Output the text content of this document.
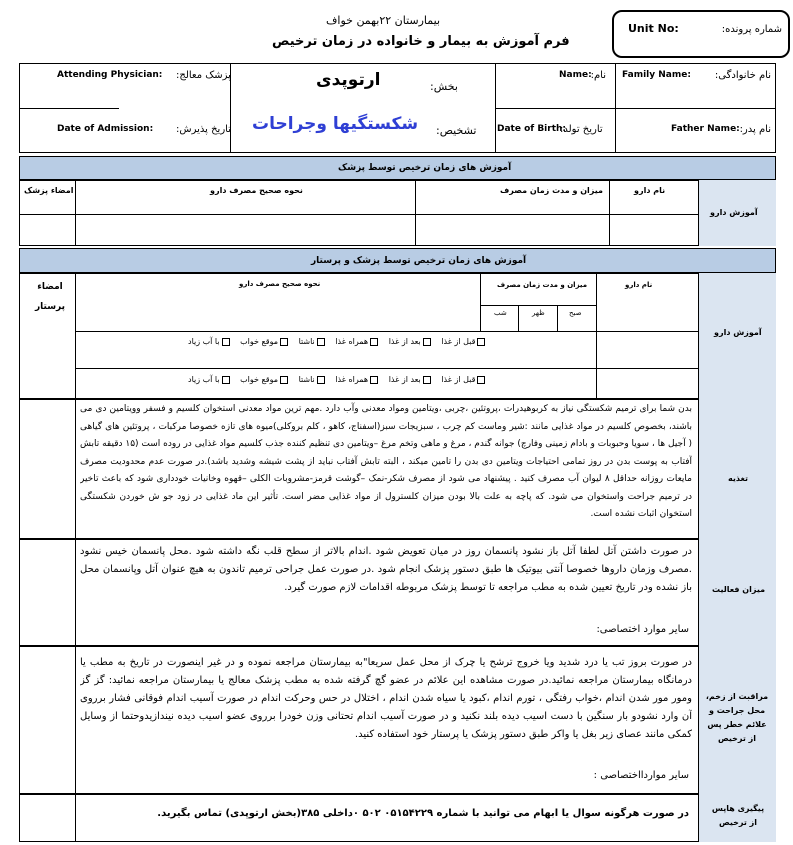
بیمارستان ۲۲بهمن خواف
فرم آموزش به بیمار و خانواده در زمان ترخیص
شماره پرونده:
Unit No:
نام خانوادگی:
Family Name:
نام:
Name:
بخش:
ارتوپدی
پزشک معالج:
Attending Physician:
نام پدر:
Father Name:
تاریخ تولد:
Date of Birth:
تشخیص:
شکستگیها وجراحات
تاریخ پذیرش:
Date of Admission:
آموزش های زمان ترخیص توسط پزشک
آموزش دارو
نام دارو
میزان و مدت زمان مصرف
نحوه صحیح مصرف دارو
امضاء پزشک
آموزش های زمان ترخیص توسط پزشک و پرستار
آموزش دارو
نام دارو
میزان و مدت زمان مصرف
نحوه صحیح مصرف دارو
امضاء پرستار
صبح
ظهر
شب
قبل از غذا بعد از غذا همراه غذا ناشتا موقع خواب با آب زیاد
قبل از غذا بعد از غذا همراه غذا ناشتا موقع خواب با آب زیاد
تغذیه
بدن شما برای ترمیم شکستگی نیاز به کربوهیدرات ،پروتئین ،چربی ،ویتامین ومواد معدنی وآب دارد .مهم ترین مواد معدنی استخوان کلسیم و فسفر وویتامین دی می باشند، بخصوص کلسیم در مواد غذایی مانند :شیر وماست کم چرب ، سبزیجات سبز(اسفناج، کاهو ، کلم بروکلی)میوه های تازه خصوصا مرکبات ، پروتئین های گیاهی ( آجیل ها ، سویا وحبوبات و بادام زمینی وفارچ) جوانه گندم ، مرغ و ماهی وتخم مرغ –ویتامین دی تنظیم کننده جذب کلسیم مواد غذایی در روده است (۱۵ دقیقه تابش آفتاب به پوست بدن در روز تمامی احتیاجات ویتامین دی بدن را تامین میکند ، البته تابش آفتاب نباید از پشت شیشه وشدید باشد).در صورت عدم محدودیت مصرف مایعات روزانه حداقل ۸ لیوان آب مصرف کنید . پیشنهاد می شود از مصرف شکر-نمک –گوشت قرمز-مشروبات الکلی –قهوه وخانیات خودداری شود که باعث تاخیر در ترمیم جراحت واستخوان می شود. که پاچه به علت بالا بودن میزان کلسترول از مواد غذایی مضر است. تأثیر این ماد غذایی در زود جو ش خوردن شکستگی استخوان اثبات نشده است.
میزان فعالیت
در صورت داشتن آتل لطفا آتل باز نشود پانسمان روز در میان تعویض شود .اندام بالاتر از سطح قلب نگه داشته شود .محل پانسمان خیس نشود .مصرف وزمان داروها خصوصا آنتی بیوتیک ها طبق دستور پزشک انجام شود .در صورت عمل جراحی ترمیم تاندون به هیچ عنوان آتل وپانسمان محل باز نشده ودر تاریخ تعیین شده به مطب مراجعه تا توسط پزشک مربوطه اقدامات لازم صورت گیرد.
سایر موارد اختصاصی:
مراقبت از زخم، محل جراحت و علائم خطر پس از ترخیص
در صورت بروز تب یا درد شدید ویا خروج ترشح یا چرک از محل عمل سریعا"به بیمارستان مراجعه نموده و در غیر اینصورت در تاریخ به مطب یا درمانگاه بیمارستان مراجعه نمائید.در صورت مشاهده این علائم در عضو گچ گرفته شده به مطب پزشک معالج یا بیمارستان مراجعه نمائید: گز گز ومور مور شدن اندام ،خواب رفتگی ، تورم اندام ،کبود یا سیاه شدن اندام ، اختلال در حس وحرکت اندام در صورت آسیب اندام فوقانی فشار برروی آن وارد نشود‌و بار سنگین با دست اسیب دیده بلند نکنید و در صورت آسیب اندام تحتانی وزن خودرا برروی عضو اسیب دیده نیندازیدوحتما از وسایل کمکی مانند عصای زیر بغل یا واکر طبق دستور پزشک یا پرستار خود استفاده کنید.
سایر مواردااختصاصی :
پیگیری هاپس از ترخیص
در صورت هرگونه سوال یا ابهام می توانید با شماره ۰۵۱۵۴۲۲۹ ۵۰۲ ۰داخلی ۳۸۵(بخش ارتوپدی) تماس بگیرید.
